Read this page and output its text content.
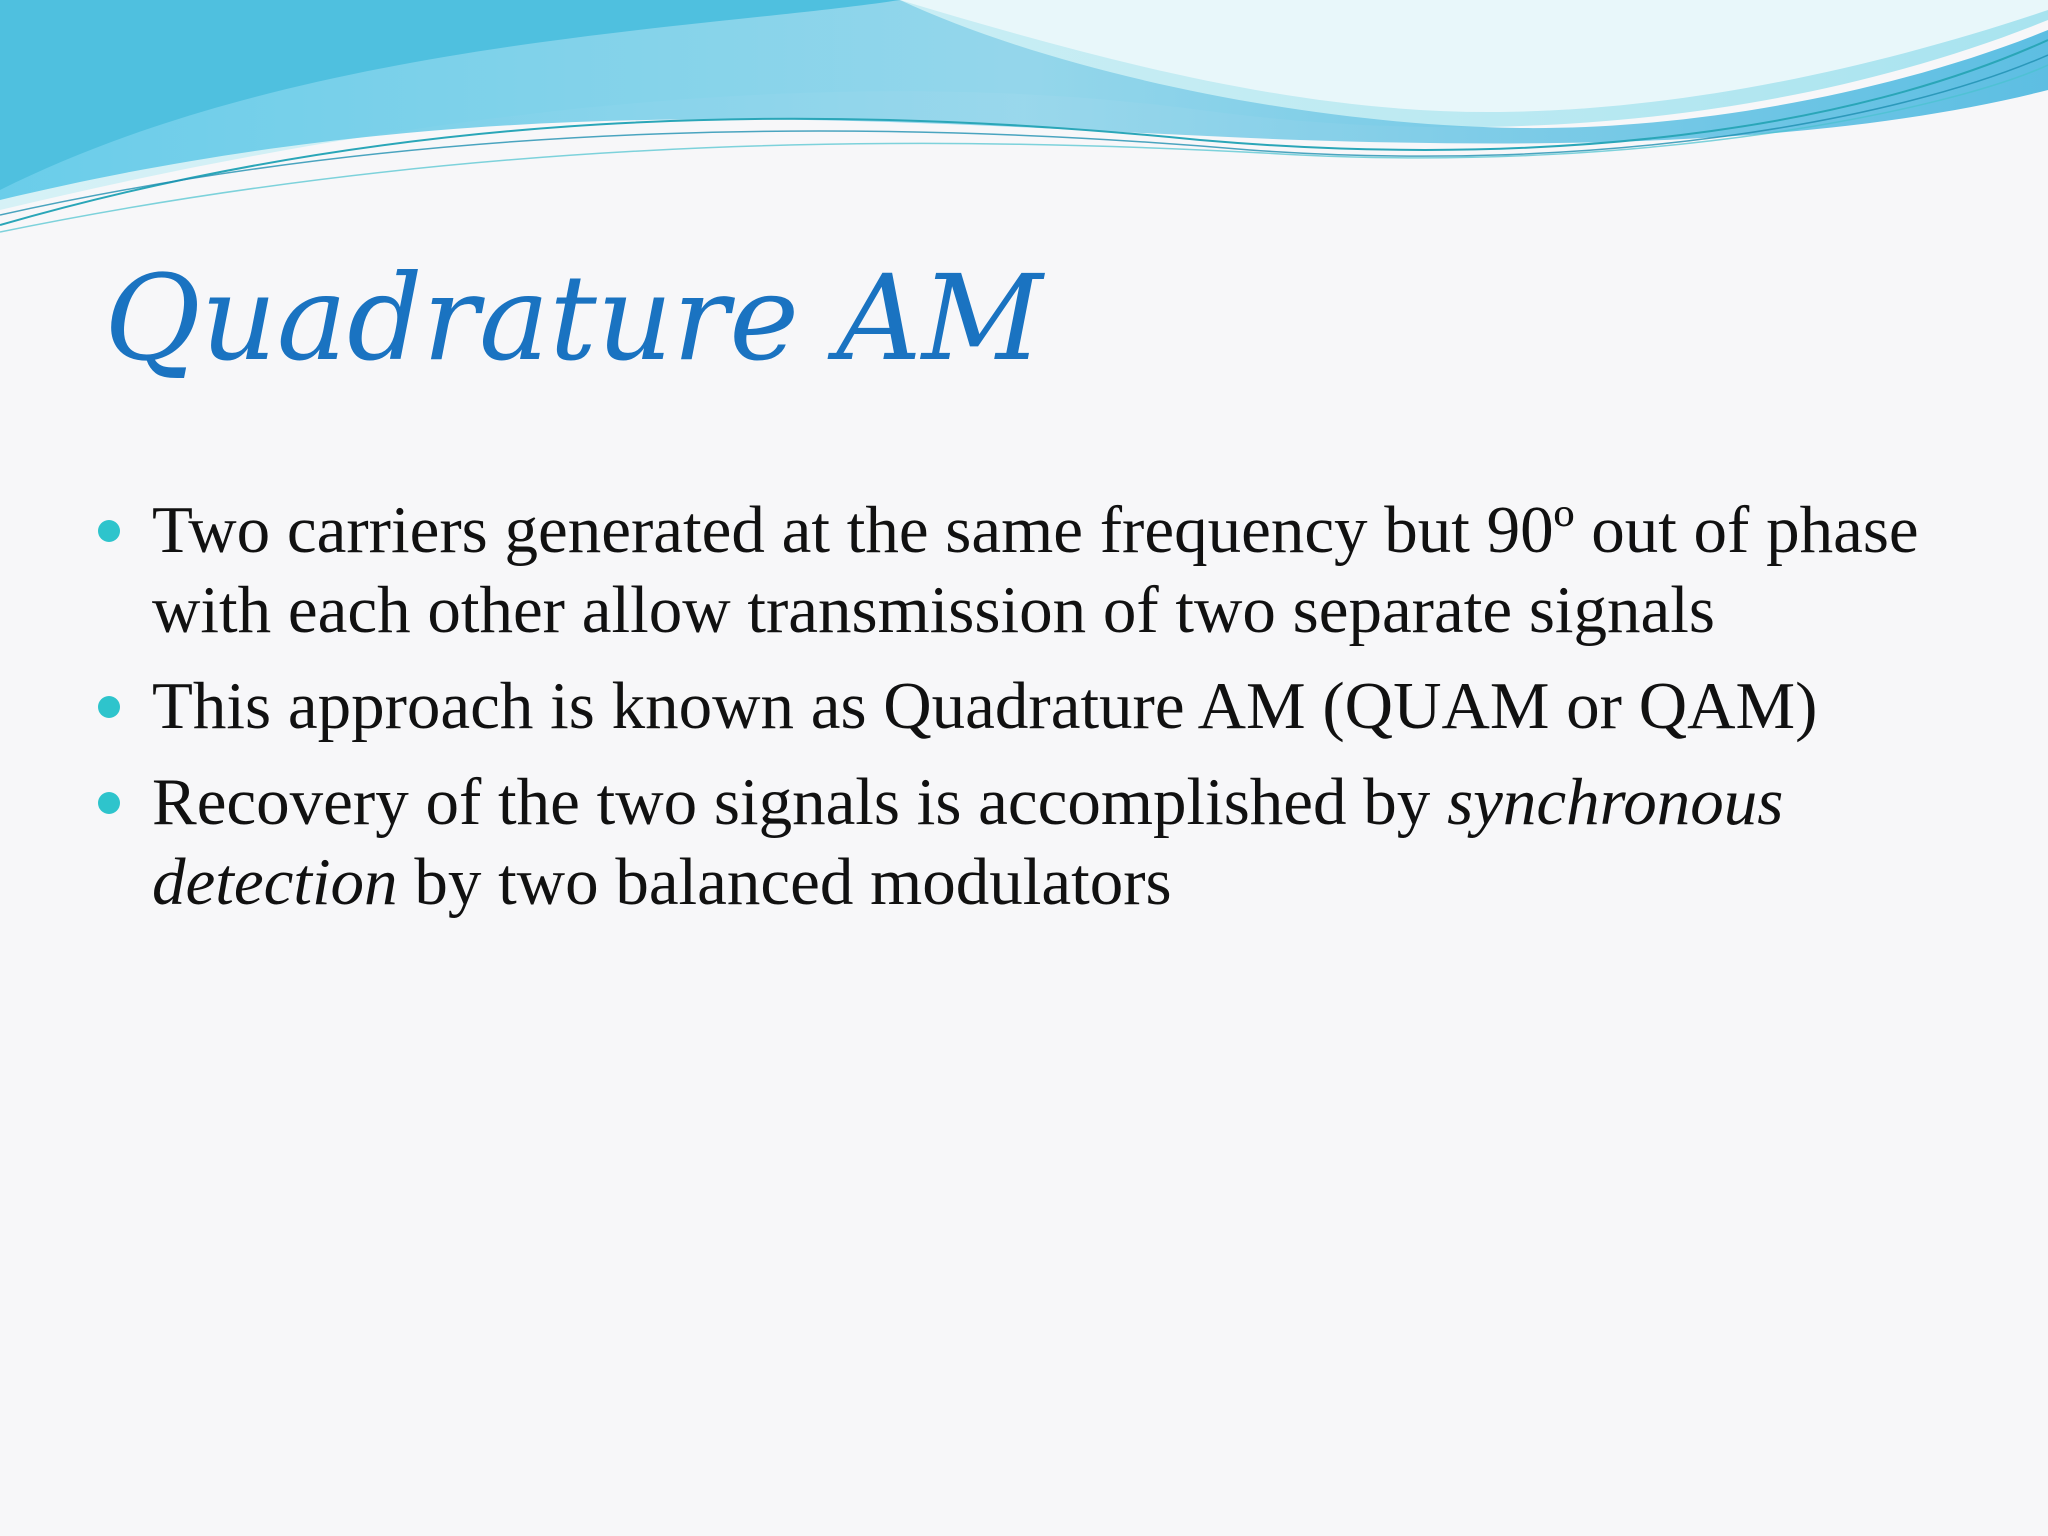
Quadrature AM
Two carriers generated at the same frequency but 90º out of phase with each other allow transmission of two separate signals
This approach is known as Quadrature AM (QUAM or QAM)
Recovery of the two signals is accomplished by synchronous detection by two balanced modulators
